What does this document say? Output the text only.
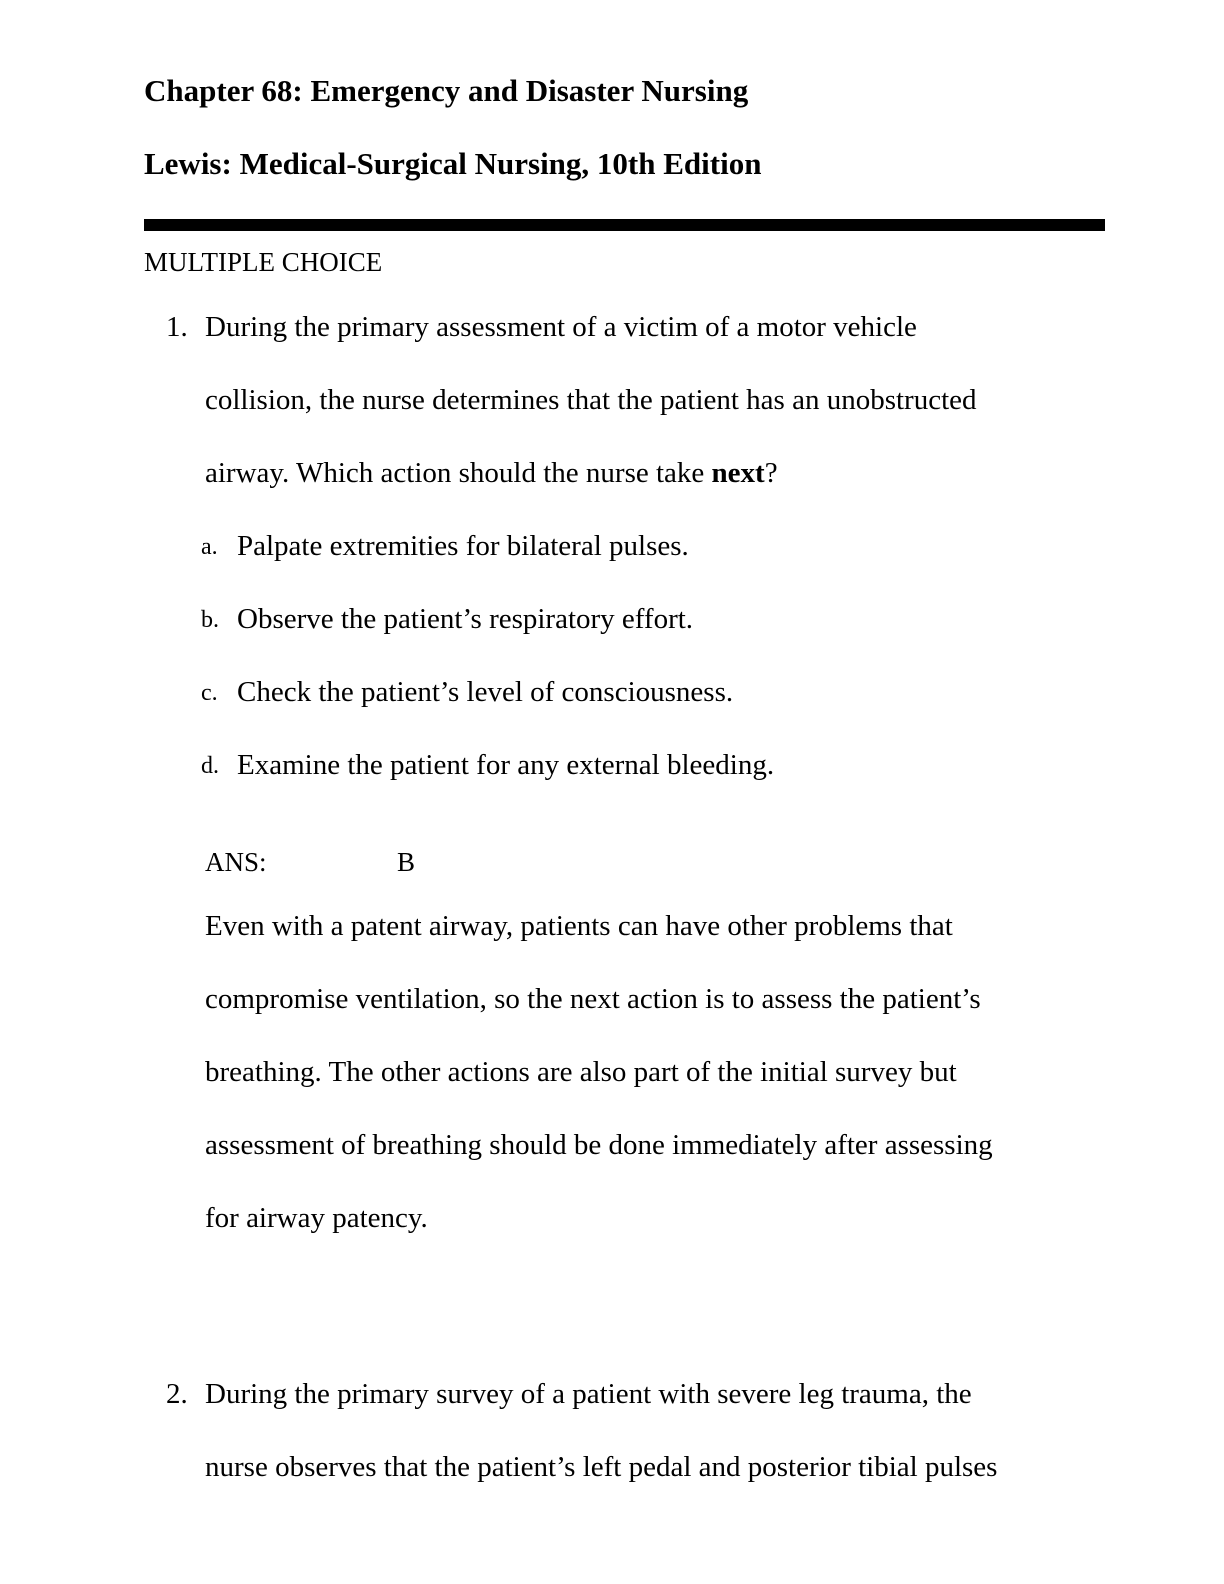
Chapter 68: Emergency and Disaster Nursing
Lewis: Medical-Surgical Nursing, 10th Edition
MULTIPLE CHOICE
1. During the primary assessment of a victim of a motor vehicle
collision, the nurse determines that the patient has an unobstructed
airway. Which action should the nurse take next?
a. Palpate extremities for bilateral pulses.
b. Observe the patient’s respiratory effort.
c. Check the patient’s level of consciousness.
d. Examine the patient for any external bleeding.
ANS:	B
Even with a patent airway, patients can have other problems that
compromise ventilation, so the next action is to assess the patient’s
breathing. The other actions are also part of the initial survey but
assessment of breathing should be done immediately after assessing
for airway patency.
2. During the primary survey of a patient with severe leg trauma, the
nurse observes that the patient’s left pedal and posterior tibial pulses
